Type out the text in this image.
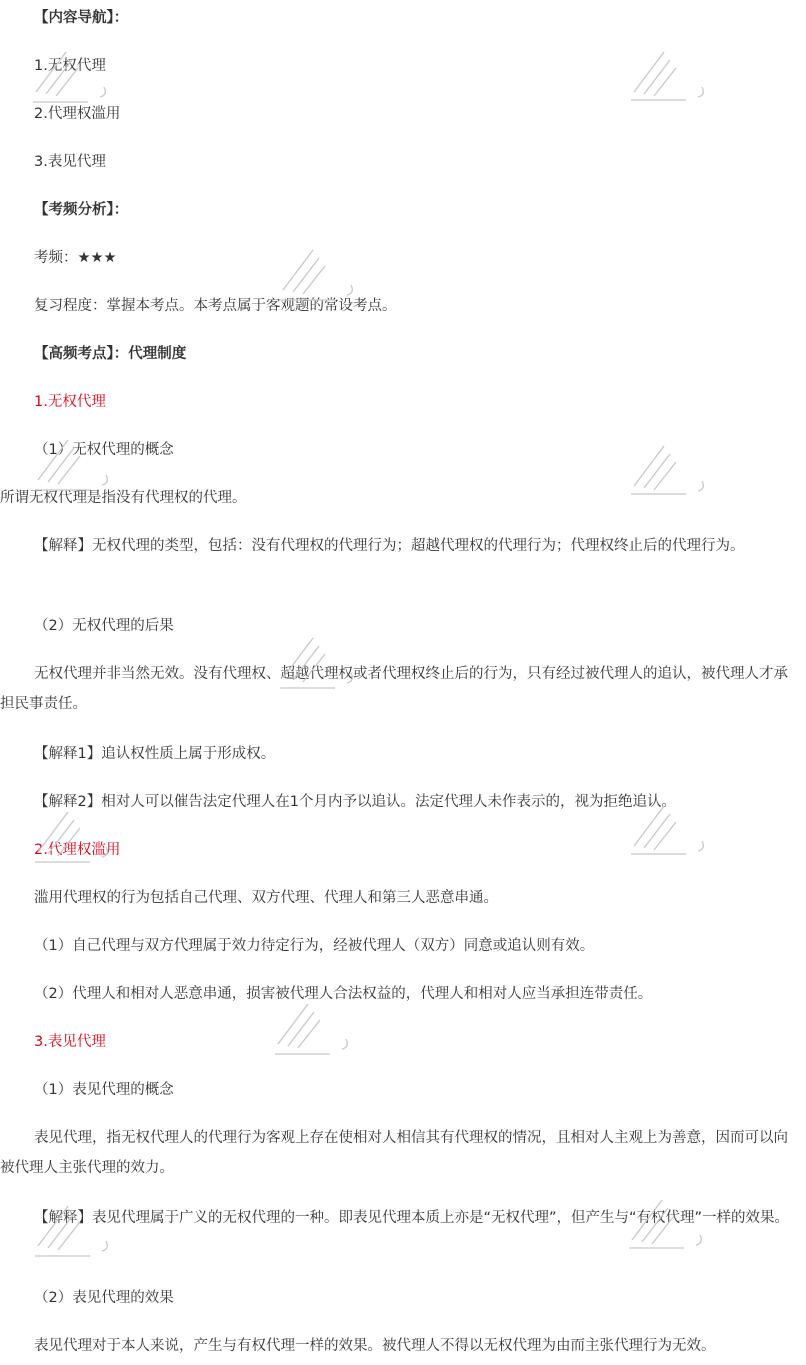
【内容导航】：

1.无权代理

2.代理权滥用

3.表见代理

【考频分析】：

考频：★★★

复习程度：掌握本考点。本考点属于客观题的常设考点。

【高频考点】：代理制度

1.无权代理

（1）无权代理的概念

所谓无权代理是指没有代理权的代理。

【解释】无权代理的类型，包括：没有代理权的代理行为；超越代理权的代理行为；代理权终止后的代理行为。

（2）无权代理的后果

无权代理并非当然无效。没有代理权、超越代理权或者代理权终止后的行为，只有经过被代理人的追认，被代理人才承担民事责任。

【解释1】追认权性质上属于形成权。

【解释2】相对人可以催告法定代理人在1个月内予以追认。法定代理人未作表示的，视为拒绝追认。

2.代理权滥用

滥用代理权的行为包括自己代理、双方代理、代理人和第三人恶意串通。

（1）自己代理与双方代理属于效力待定行为，经被代理人（双方）同意或追认则有效。

（2）代理人和相对人恶意串通，损害被代理人合法权益的，代理人和相对人应当承担连带责任。

3.表见代理

（1）表见代理的概念

表见代理，指无权代理人的代理行为客观上存在使相对人相信其有代理权的情况，且相对人主观上为善意，因而可以向被代理人主张代理的效力。

【解释】表见代理属于广义的无权代理的一种。即表见代理本质上亦是“无权代理”，但产生与“有权代理”一样的效果。

（2）表见代理的效果

表见代理对于本人来说，产生与有权代理一样的效果。被代理人不得以无权代理为由而主张代理行为无效。
